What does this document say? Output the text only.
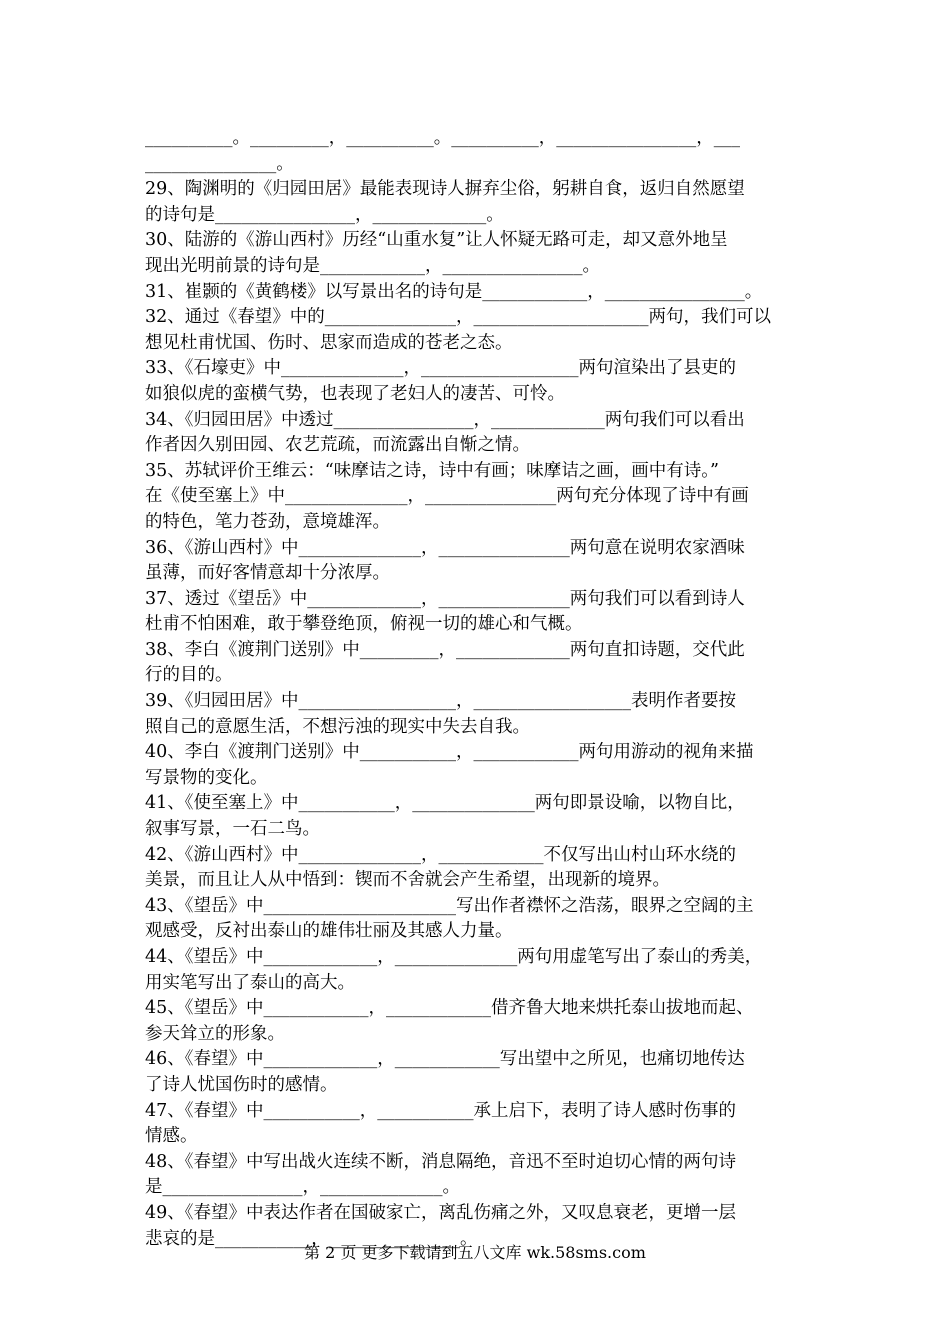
__________。_________，__________。__________，________________，___
_______________。
29、陶渊明的《归园田居》最能表现诗人摒弃尘俗，躬耕自食，返归自然愿望
的诗句是________________，_____________。
30、陆游的《游山西村》历经“山重水复”让人怀疑无路可走，却又意外地呈
现出光明前景的诗句是____________，________________。
31、崔颢的《黄鹤楼》以写景出名的诗句是____________，________________。
32、通过《春望》中的_______________，____________________两句，我们可以
想见杜甫忧国、伤时、思家而造成的苍老之态。
33、《石壕吏》中______________，__________________两句渲染出了县吏的
如狼似虎的蛮横气势，也表现了老妇人的凄苦、可怜。
34、《归园田居》中透过________________，_____________两句我们可以看出
作者因久别田园、农艺荒疏，而流露出自惭之情。
35、苏轼评价王维云：“味摩诘之诗，诗中有画；味摩诘之画，画中有诗。”
在《使至塞上》中______________，_______________两句充分体现了诗中有画
的特色，笔力苍劲，意境雄浑。
36、《游山西村》中______________，_______________两句意在说明农家酒味
虽薄，而好客情意却十分浓厚。
37、透过《望岳》中_____________，_______________两句我们可以看到诗人
杜甫不怕困难，敢于攀登绝顶，俯视一切的雄心和气概。
38、李白《渡荆门送别》中_________，_____________两句直扣诗题，交代此
行的目的。
39、《归园田居》中__________________，__________________表明作者要按
照自己的意愿生活，不想污浊的现实中失去自我。
40、李白《渡荆门送别》中___________，____________两句用游动的视角来描
写景物的变化。
41、《使至塞上》中___________，______________两句即景设喻，以物自比，
叙事写景，一石二鸟。
42、《游山西村》中______________，____________不仅写出山村山环水绕的
美景，而且让人从中悟到：锲而不舍就会产生希望，出现新的境界。
43、《望岳》中______________________写出作者襟怀之浩荡，眼界之空阔的主
观感受，反衬出泰山的雄伟壮丽及其感人力量。
44、《望岳》中_____________，______________两句用虚笔写出了泰山的秀美，
用实笔写出了泰山的高大。
45、《望岳》中____________，____________借齐鲁大地来烘托泰山拔地而起、
参天耸立的形象。
46、《春望》中_____________，____________写出望中之所见，也痛切地传达
了诗人忧国伤时的感情。
47、《春望》中___________，___________承上启下，表明了诗人感时伤事的
情感。
48、《春望》中写出战火连续不断，消息隔绝，音迅不至时迫切心情的两句诗
是________________，______________。
49、《春望》中表达作者在国破家亡，离乱伤痛之外，又叹息衰老，更增一层
悲哀的是___________，_______________。
第 2 页 更多下载请到五八文库 wk.58sms.com
